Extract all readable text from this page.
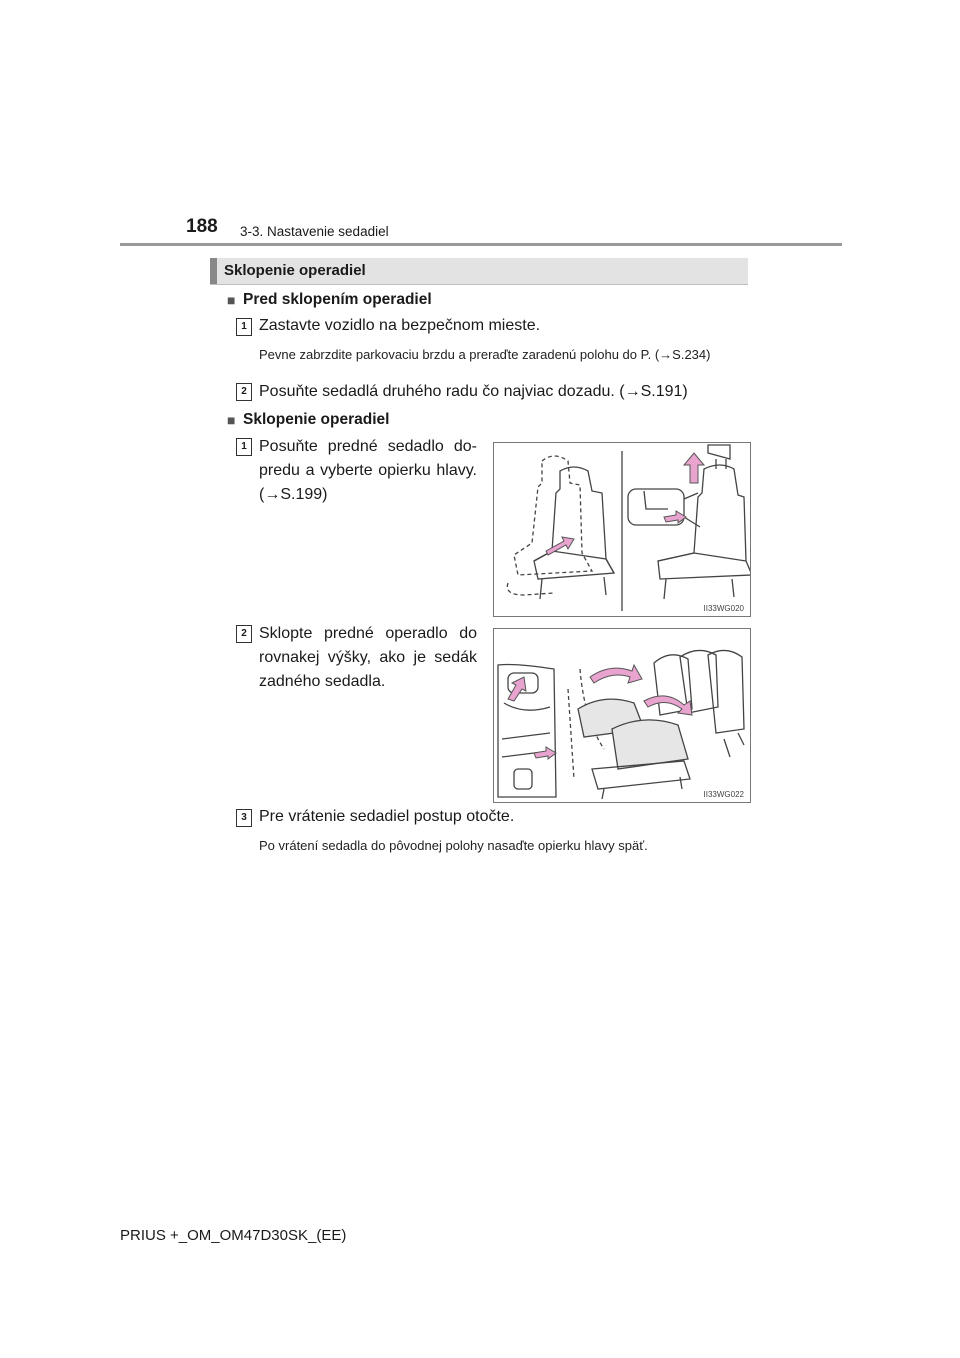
188 3-3. Nastavenie sedadiel
Sklopenie operadiel
■ Pred sklopením operadiel
1 Zastavte vozidlo na bezpečnom mieste.
Pevne zabrzdite parkovaciu brzdu a preraďte zaradenú polohu do P. (→S.234)
2 Posuňte sedadlá druhého radu čo najviac dozadu. (→S.191)
■ Sklopenie operadiel
1 Posuňte predné sedadlo do-predu a vyberte opierku hlavy. (→S.199)
II33WG020
2 Sklopte predné operadlo do rovnakej výšky, ako je sedák zadného sedadla.
II33WG022
3 Pre vrátenie sedadiel postup otočte.
Po vrátení sedadla do pôvodnej polohy nasaďte opierku hlavy späť.
PRIUS +_OM_OM47D30SK_(EE)
